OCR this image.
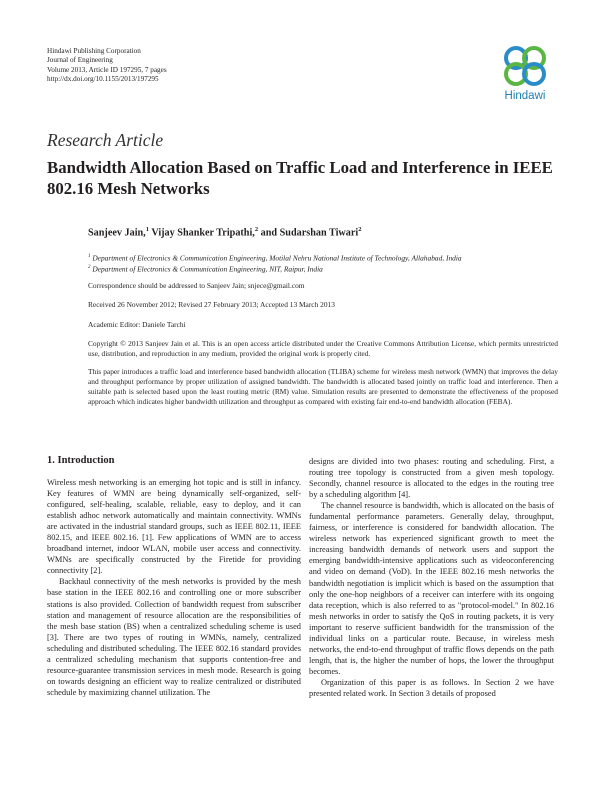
Hindawi Publishing Corporation
Journal of Engineering
Volume 2013, Article ID 197295, 7 pages
http://dx.doi.org/10.1155/2013/197295
Hindawi
Research Article
Bandwidth Allocation Based on Traffic Load and Interference in IEEE 802.16 Mesh Networks
Sanjeev Jain,$^1$ Vijay Shanker Tripathi,$^2$ and Sudarshan Tiwari$^2$
$^1$ Department of Electronics & Communication Engineering, Motilal Nehru National Institute of Technology, Allahabad, India
$^2$ Department of Electronics & Communication Engineering, NIT, Raipur, India
Correspondence should be addressed to Sanjeev Jain; snjece@gmail.com
Received 26 November 2012; Revised 27 February 2013; Accepted 13 March 2013
Academic Editor: Daniele Tarchi
Copyright © 2013 Sanjeev Jain et al. This is an open access article distributed under the Creative Commons Attribution License, which permits unrestricted use, distribution, and reproduction in any medium, provided the original work is properly cited.
This paper introduces a traffic load and interference based bandwidth allocation (TLIBA) scheme for wireless mesh network (WMN) that improves the delay and throughput performance by proper utilization of assigned bandwidth. The bandwidth is allocated based jointly on traffic load and interference. Then a suitable path is selected based upon the least routing metric (RM) value. Simulation results are presented to demonstrate the effectiveness of the proposed approach which indicates higher bandwidth utilization and throughput as compared with existing fair end-to-end bandwidth allocation (FEBA).
1. Introduction

Wireless mesh networking is an emerging hot topic and is still in infancy. Key features of WMN are being dynamically self-organized, self-configured, self-healing, scalable, reliable, easy to deploy, and it can establish adhoc network automatically and maintain connectivity. WMNs are activated in the industrial standard groups, such as IEEE 802.11, IEEE 802.15, and IEEE 802.16. [1]. Few applications of WMN are to access broadband internet, indoor WLAN, mobile user access and connectivity. WMNs are specifically constructed by the Firetide for providing connectivity [2].

Backhaul connectivity of the mesh networks is provided by the mesh base station in the IEEE 802.16 and controlling one or more subscriber stations is also provided. Collection of bandwidth request from subscriber station and management of resource allocation are the responsibilities of the mesh base station (BS) when a centralized scheduling scheme is used [3]. There are two types of routing in WMNs, namely, centralized scheduling and distributed scheduling. The IEEE 802.16 standard provides a centralized scheduling mechanism that supports contention-free and resource-guarantee transmission services in mesh mode. Research is going on towards designing an efficient way to realize centralized or distributed schedule by maximizing channel utilization. The

designs are divided into two phases: routing and scheduling. First, a routing tree topology is constructed from a given mesh topology. Secondly, channel resource is allocated to the edges in the routing tree by a scheduling algorithm [4].

The channel resource is bandwidth, which is allocated on the basis of fundamental performance parameters. Generally delay, throughput, fairness, or interference is considered for bandwidth allocation. The wireless network has experienced significant growth to meet the increasing bandwidth demands of network users and support the emerging bandwidth-intensive applications such as videoconferencing and video on demand (VoD). In the IEEE 802.16 mesh networks the bandwidth negotiation is implicit which is based on the assumption that only the one-hop neighbors of a receiver can interfere with its ongoing data reception, which is also referred to as "protocol-model." In 802.16 mesh networks in order to satisfy the QoS in routing packets, it is very important to reserve sufficient bandwidth for the transmission of the individual links on a particular route. Because, in wireless mesh networks, the end-to-end throughput of traffic flows depends on the path length, that is, the higher the number of hops, the lower the throughput becomes.

Organization of this paper is as follows. In Section 2 we have presented related work. In Section 3 details of proposed
